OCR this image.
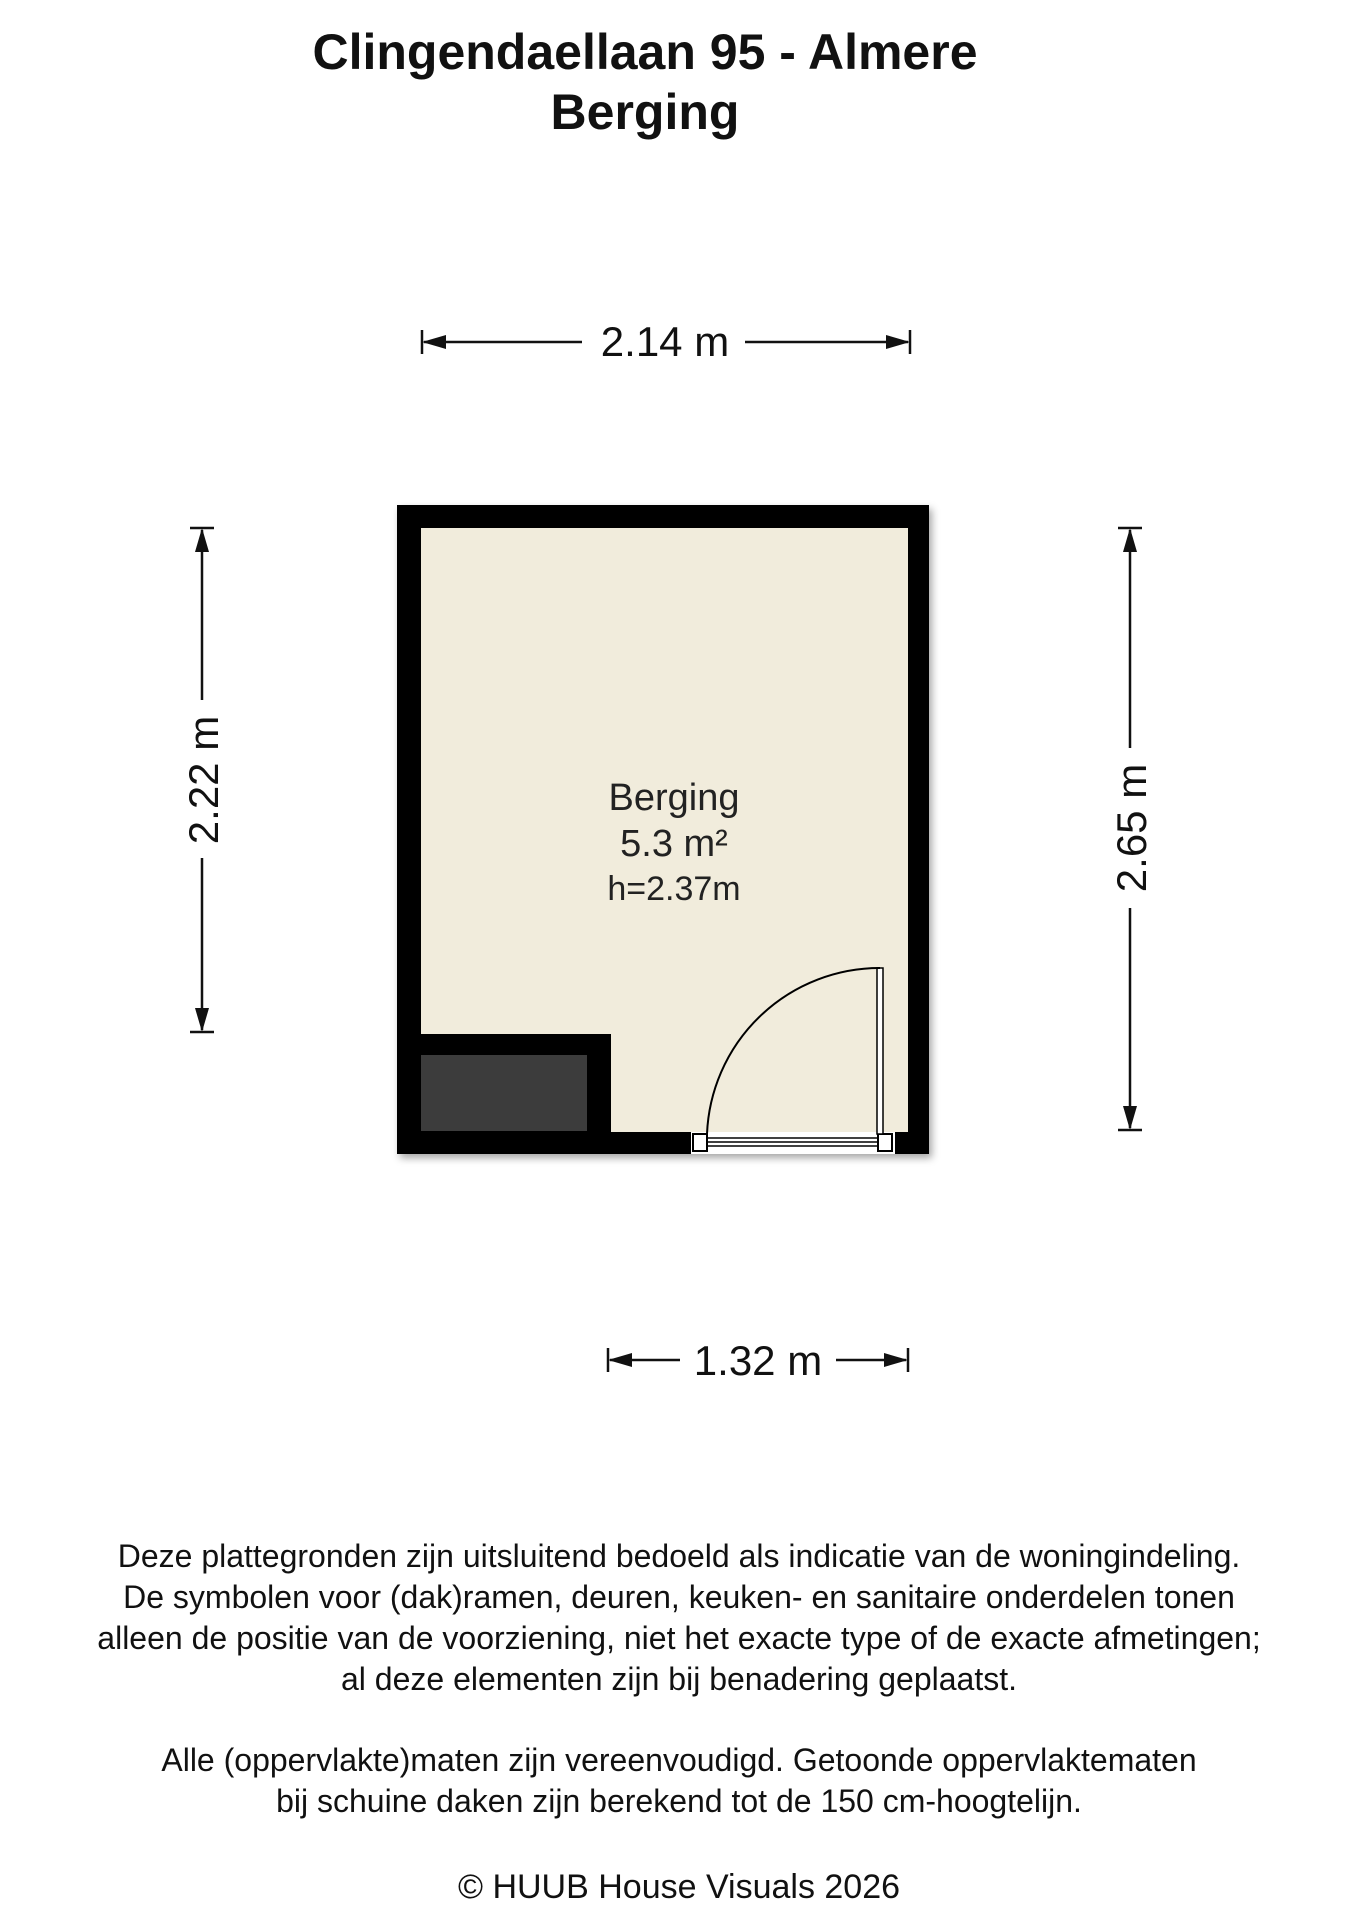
Clingendaellaan 95 - Almere
Berging
2.14 m
2.22 m	2.65 m
1.32 m
Berging
5.3 m²
h=2.37m

Deze plattegronden zijn uitsluitend bedoeld als indicatie van de woningindeling.

De symbolen voor (dak)ramen, deuren, keuken- en sanitaire onderdelen tonen

alleen de positie van de voorziening, niet het exacte type of de exacte afmetingen;

al deze elementen zijn bij benadering geplaatst.

Alle (oppervlakte)maten zijn vereenvoudigd. Getoonde oppervlaktematen

bij schuine daken zijn berekend tot de 150 cm-hoogtelijn.

© HUUB House Visuals 2026
